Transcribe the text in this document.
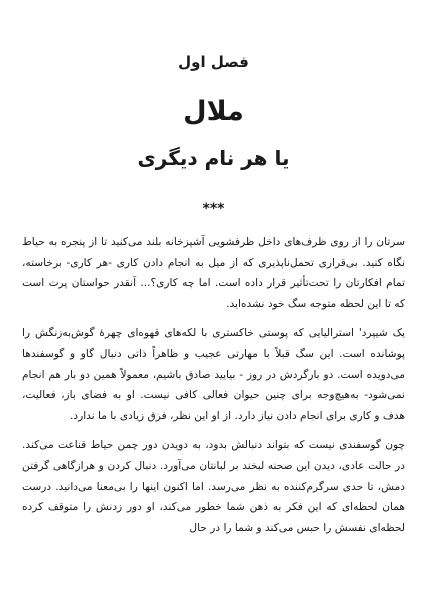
فصل اول
ملال
یا هر نام دیگری
***

سرتان را از روی ظرف‌های داخل ظرفشویی آشپزخانه بلند می‌کنید تا از پنجره به حیاط نگاه کنید. بی‌قراری تحمل‌ناپذیری که از میل به انجام دادن کاری -هر کاری- برخاسته، تمام افکارتان را تحت‌تأثیر قرار داده است. اما چه کاری؟... آنقدر حواستان پرت است که تا این لحظه متوجه سگ خود نشده‌اید.

یک شیپرد' استرالیایی که پوستی خاکستری با لکه‌های قهوه‌ای چهرهٔ گوش‌به‌زنگش را پوشانده است. این سگ قبلاً با مهارتی عجیب و ظاهراً ذاتی دنبال گاو و گوسفندها می‌دویده است. دو بارگردش در روز - بیایید صادق باشیم، معمولاً همین دو بار هم انجام نمی‌شود- به‌هیچ‌وجه برای چنین حیوان فعالی کافی نیست. او به فضای باز، فعالیت، هدف و کاری برای انجام دادن نیاز دارد. از او این نظر، فرق زیادی با ما ندارد.

چون گوسفندی نیست که بتواند دنبالش بدود، به دویدن دور چمن حیاط قناعت می‌کند. در حالت عادی، دیدن این صحنه لبخند بر لبانتان می‌آورد. دنبال کردن و هرازگاهی گرفتن دمش، تا حدی سرگرم‌کننده به نظر می‌رسد. اما اکنون اینها را بی‌معنا می‌دانید. درست همان لحظه‌ای که این فکر به ذهن شما خطور می‌کند، او دور زدنش را متوقف کرده لحظه‌ای نفسش را حبس می‌کند و شما را در حال
